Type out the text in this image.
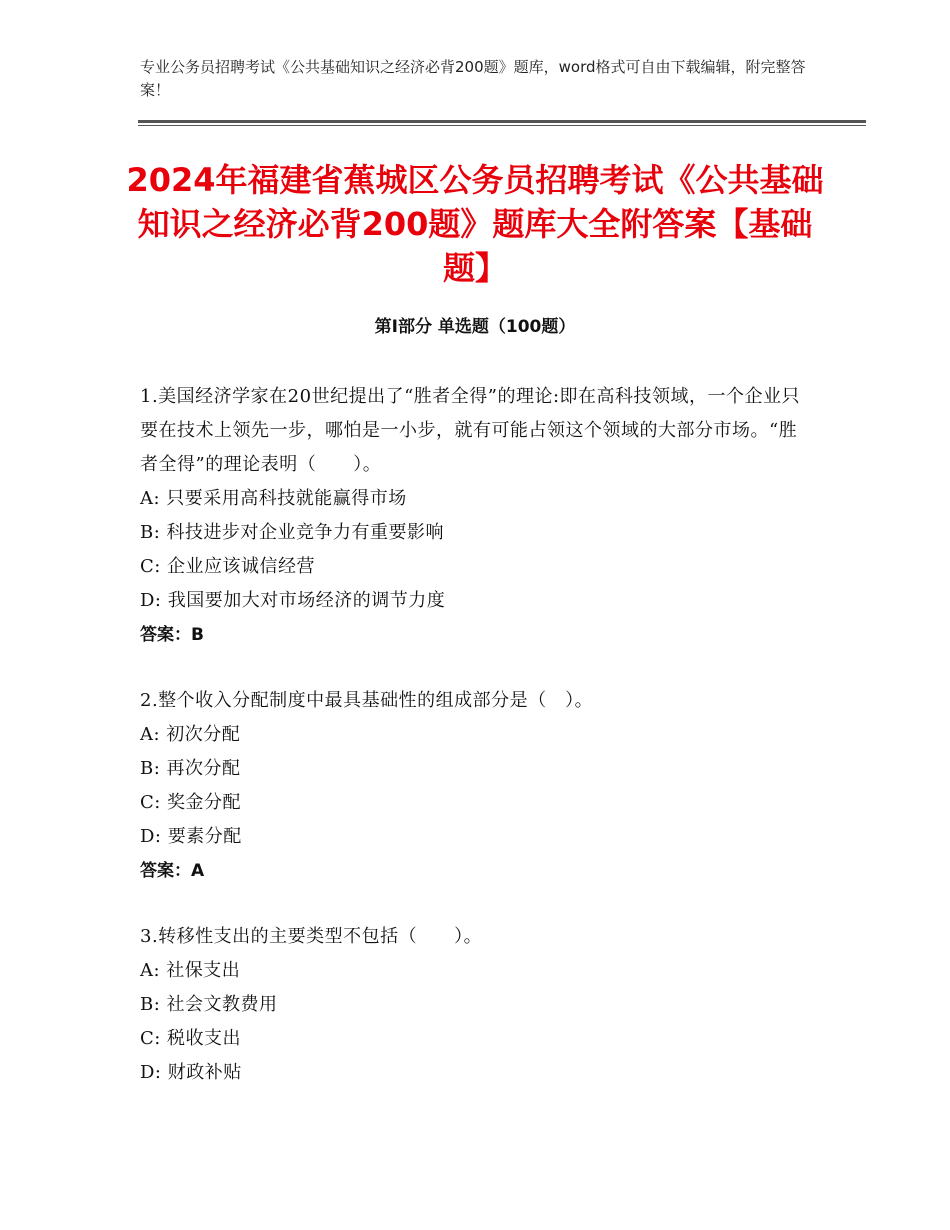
专业公务员招聘考试《公共基础知识之经济必背200题》题库，word格式可自由下载编辑，附完整答案！
2024年福建省蕉城区公务员招聘考试《公共基础知识之经济必背200题》题库大全附答案【基础题】
第Ⅰ部分 单选题（100题）
1.美国经济学家在20世纪提出了“胜者全得”的理论:即在高科技领域，一个企业只要在技术上领先一步，哪怕是一小步，就有可能占领这个领域的大部分市场。“胜者全得”的理论表明（　　）。
A: 只要采用高科技就能赢得市场
B: 科技进步对企业竞争力有重要影响
C: 企业应该诚信经营
D: 我国要加大对市场经济的调节力度
答案：B
2.整个收入分配制度中最具基础性的组成部分是（　）。
A: 初次分配
B: 再次分配
C: 奖金分配
D: 要素分配
答案：A
3.转移性支出的主要类型不包括（　　）。
A: 社保支出
B: 社会文教费用
C: 税收支出
D: 财政补贴
